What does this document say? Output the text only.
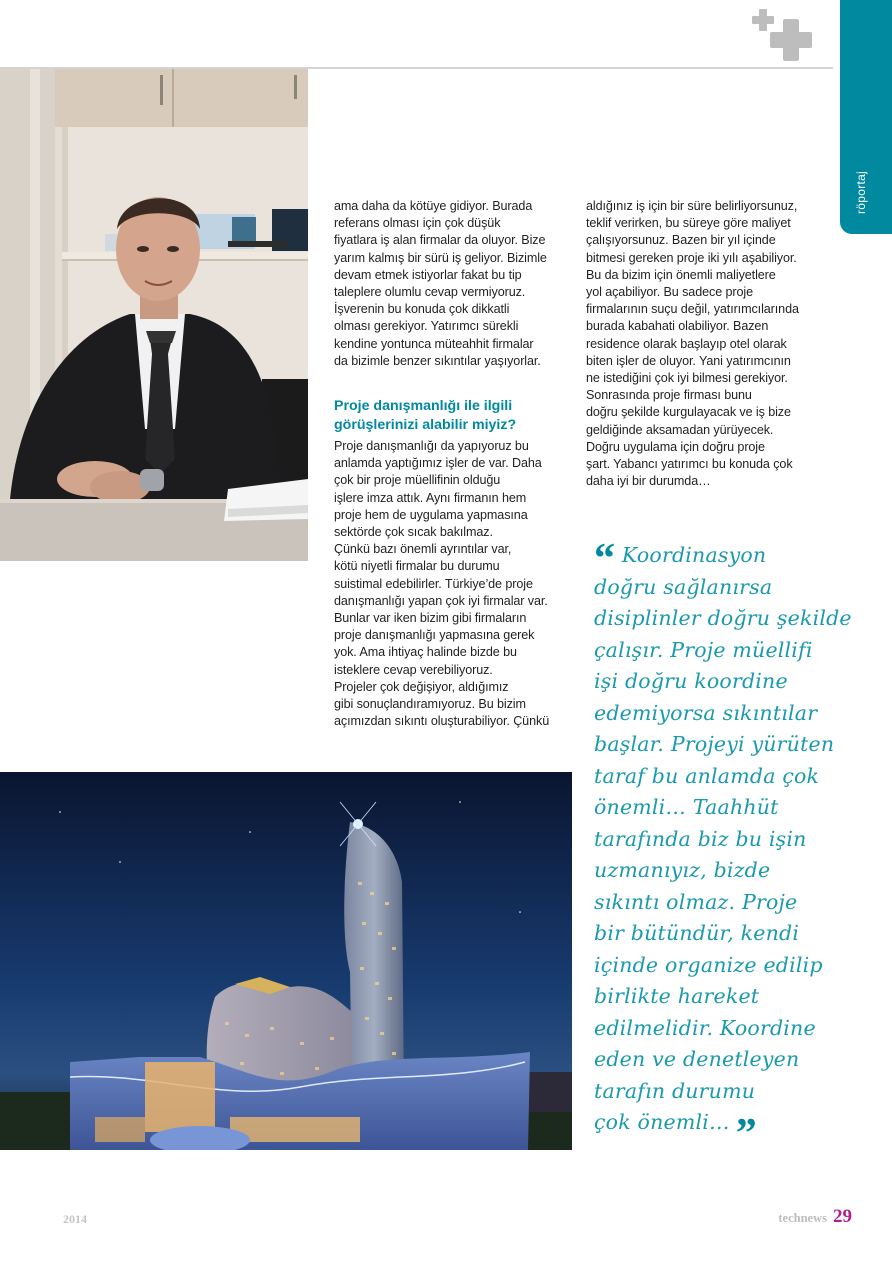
röportaj

ama daha da kötüye gidiyor. Burada

referans olması için çok düşük

fiyatlara iş alan firmalar da oluyor. Bize

yarım kalmış bir sürü iş geliyor. Bizimle

devam etmek istiyorlar fakat bu tip

taleplere olumlu cevap vermiyoruz.

İşverenin bu konuda çok dikkatli

olması gerekiyor. Yatırımcı sürekli

kendine yontunca müteahhit firmalar

da bizimle benzer sıkıntılar yaşıyorlar.

Proje danışmanlığı ile ilgili görüşlerinizi alabilir miyiz?

Proje danışmanlığı da yapıyoruz bu

anlamda yaptığımız işler de var. Daha

çok bir proje müellifinin olduğu

işlere imza attık. Aynı firmanın hem

proje hem de uygulama yapmasına

sektörde çok sıcak bakılmaz.

Çünkü bazı önemli ayrıntılar var,

kötü niyetli firmalar bu durumu

suistimal edebilirler. Türkiye’de proje

danışmanlığı yapan çok iyi firmalar var.

Bunlar var iken bizim gibi firmaların

proje danışmanlığı yapmasına gerek

yok. Ama ihtiyaç halinde bizde bu

isteklere cevap verebiliyoruz.

Projeler çok değişiyor, aldığımız

gibi sonuçlandıramıyoruz. Bu bizim

açımızdan sıkıntı oluşturabiliyor. Çünkü

aldığınız iş için bir süre belirliyorsunuz,

teklif verirken, bu süreye göre maliyet

çalışıyorsunuz. Bazen bir yıl içinde

bitmesi gereken proje iki yılı aşabiliyor.

Bu da bizim için önemli maliyetlere

yol açabiliyor. Bu sadece proje

firmalarının suçu değil, yatırımcılarında

burada kabahati olabiliyor. Bazen

residence olarak başlayıp otel olarak

biten işler de oluyor. Yani yatırımcının

ne istediğini çok iyi bilmesi gerekiyor.

Sonrasında proje firması bunu

doğru şekilde kurgulayacak ve iş bize

geldiğinde aksamadan yürüyecek.

Doğru uygulama için doğru proje

şart. Yabancı yatırımcı bu konuda çok

daha iyi bir durumda…

“ Koordinasyon
doğru sağlanırsa
disiplinler doğru şekilde
çalışır. Proje müellifi
işi doğru koordine
edemiyorsa sıkıntılar
başlar. Projeyi yürüten
taraf bu anlamda çok
önemli… Taahhüt
tarafında biz bu işin
uzmanıyız, bizde
sıkıntı olmaz. Proje
bir bütündür, kendi
içinde organize edilip
birlikte hareket
edilmelidir. Koordine
eden ve denetleyen
tarafın durumu
çok önemli… ”
2014	technews 29
